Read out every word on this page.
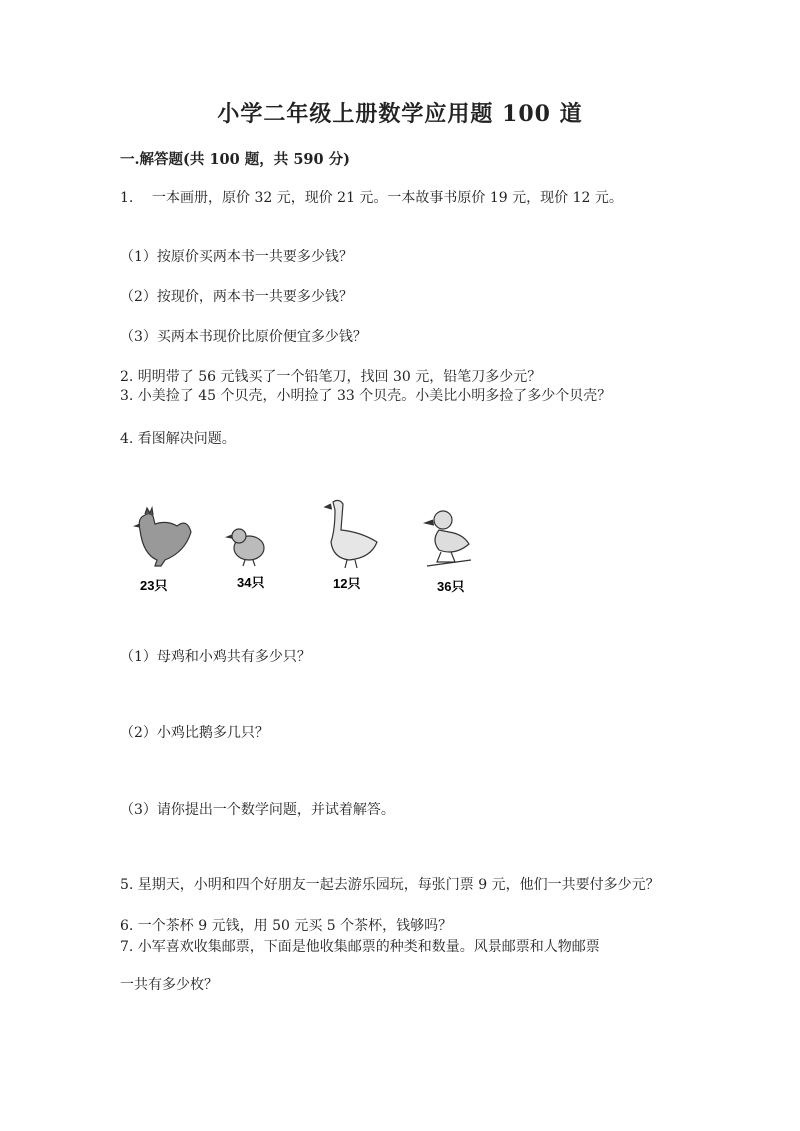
小学二年级上册数学应用题 100 道
一.解答题(共 100 题，共 590 分)
1. 一本画册，原价 32 元，现价 21 元。一本故事书原价 19 元，现价 12 元。
（1）按原价买两本书一共要多少钱？
（2）按现价，两本书一共要多少钱？
（3）买两本书现价比原价便宜多少钱？
2. 明明带了 56 元钱买了一个铅笔刀，找回 30 元，铅笔刀多少元？
3. 小美捡了 45 个贝壳，小明捡了 33 个贝壳。小美比小明多捡了多少个贝壳？
4. 看图解决问题。
23只	34只	12只	36只
（1）母鸡和小鸡共有多少只？
（2）小鸡比鹅多几只？
（3）请你提出一个数学问题，并试着解答。
5. 星期天，小明和四个好朋友一起去游乐园玩，每张门票 9 元，他们一共要付多少元？
6. 一个茶杯 9 元钱，用 50 元买 5 个茶杯，钱够吗？
7. 小军喜欢收集邮票，下面是他收集邮票的种类和数量。风景邮票和人物邮票
一共有多少枚？
